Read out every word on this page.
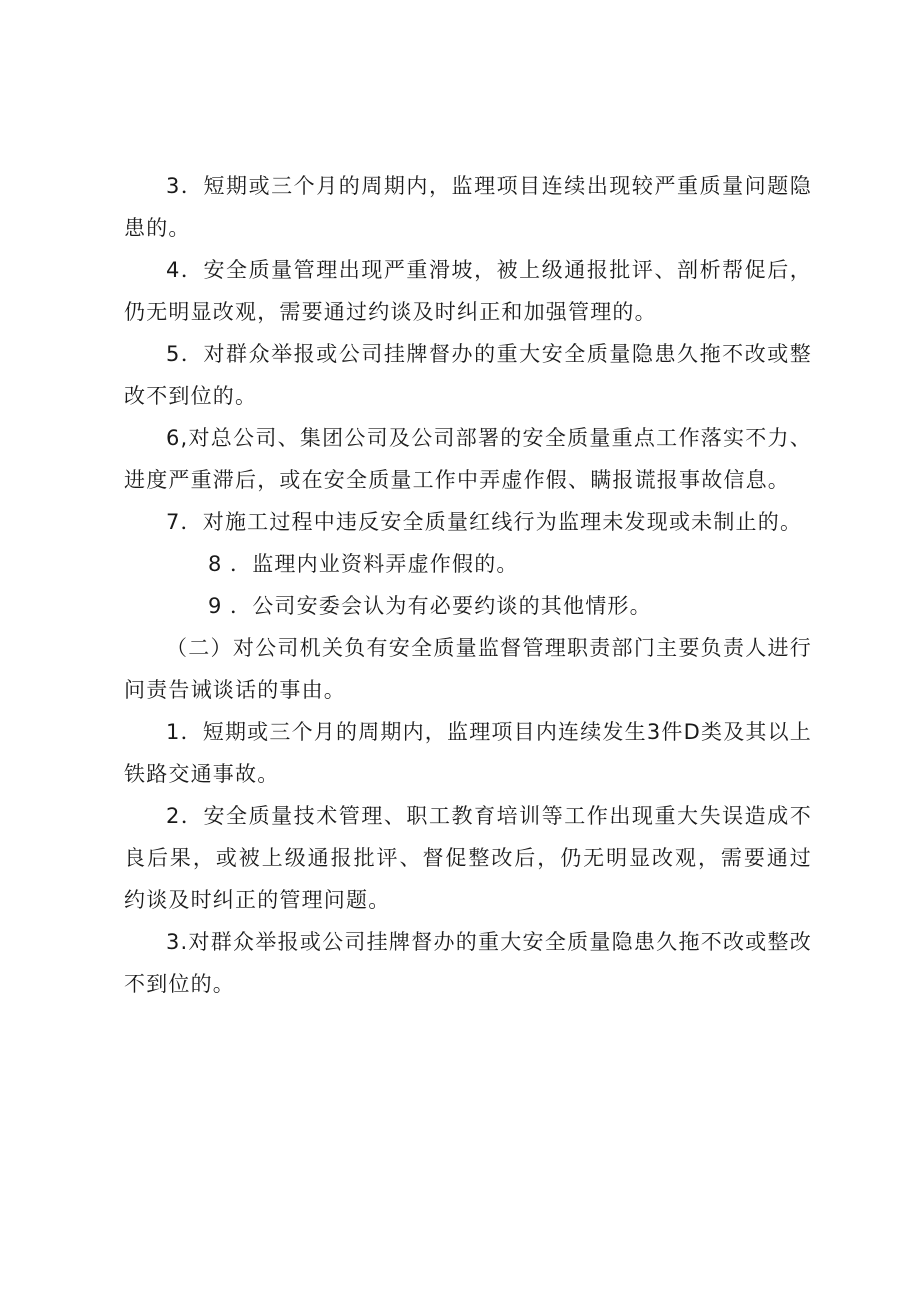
3．短期或三个月的周期内，监理项目连续出现较严重质量问题隐患的。

4．安全质量管理出现严重滑坡，被上级通报批评、剖析帮促后，仍无明显改观，需要通过约谈及时纠正和加强管理的。

5．对群众举报或公司挂牌督办的重大安全质量隐患久拖不改或整改不到位的。

6,对总公司、集团公司及公司部署的安全质量重点工作落实不力、进度严重滞后，或在安全质量工作中弄虚作假、瞒报谎报事故信息。

7．对施工过程中违反安全质量红线行为监理未发现或未制止的。

8 ．监理内业资料弄虚作假的。

9 ．公司安委会认为有必要约谈的其他情形。

（二）对公司机关负有安全质量监督管理职责部门主要负责人进行问责告诫谈话的事由。

1．短期或三个月的周期内，监理项目内连续发生3件D类及其以上铁路交通事故。

2．安全质量技术管理、职工教育培训等工作出现重大失误造成不良后果，或被上级通报批评、督促整改后，仍无明显改观，需要通过约谈及时纠正的管理问题。

3.对群众举报或公司挂牌督办的重大安全质量隐患久拖不改或整改不到位的。
